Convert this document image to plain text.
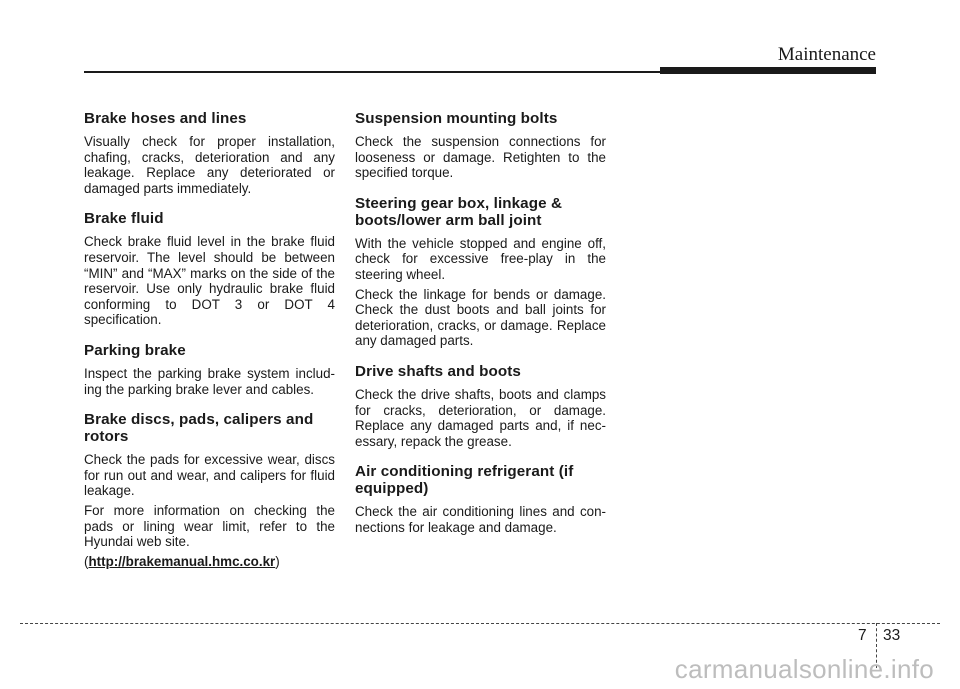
Maintenance
Brake hoses and lines

Visually check for proper installation, chafing, cracks, deterioration and any leakage. Replace any deteriorated or damaged parts immediately.

Brake fluid

Check brake fluid level in the brake fluid reservoir. The level should be between “MIN” and “MAX” marks on the side of the reservoir. Use only hydraulic brake fluid conforming to DOT 3 or DOT 4 specification.

Parking brake

Inspect the parking brake system includ-ing the parking brake lever and cables.

Brake discs, pads, calipers and rotors

Check the pads for excessive wear, discs for run out and wear, and calipers for fluid leakage.

For more information on checking the pads or lining wear limit, refer to the Hyundai web site.

(http://brakemanual.hmc.co.kr)

Suspension mounting bolts

Check the suspension connections for looseness or damage. Retighten to the specified torque.

Steering gear box, linkage & boots/lower arm ball joint

With the vehicle stopped and engine off, check for excessive free-play in the steering wheel.

Check the linkage for bends or damage. Check the dust boots and ball joints for deterioration, cracks, or damage. Replace any damaged parts.

Drive shafts and boots

Check the drive shafts, boots and clamps for cracks, deterioration, or damage. Replace any damaged parts and, if nec-essary, repack the grease.

Air conditioning refrigerant (if equipped)

Check the air conditioning lines and con-nections for leakage and damage.

7 33
carmanualsonline.info
